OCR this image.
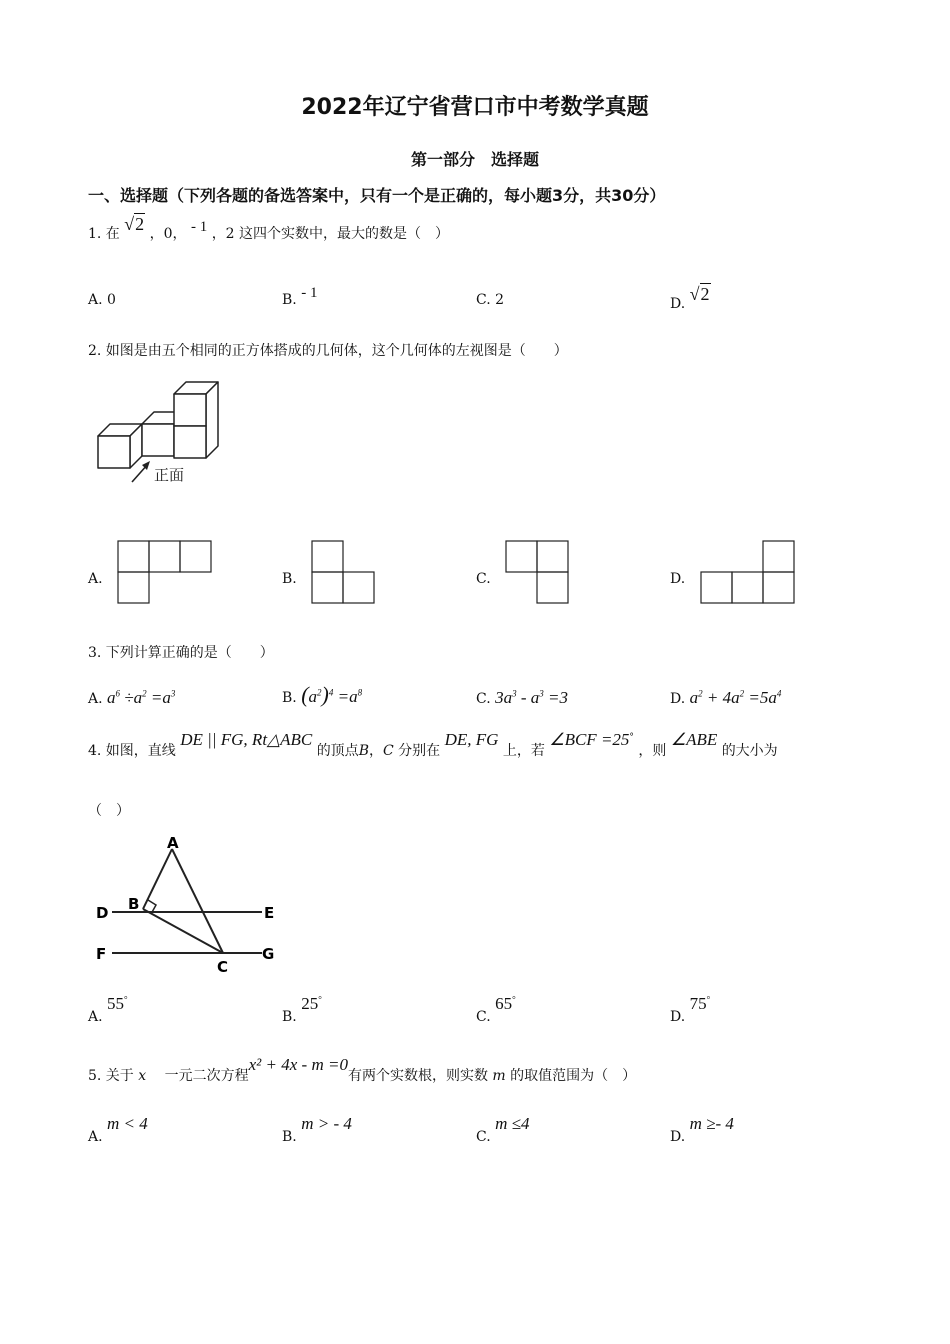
2022年辽宁省营口市中考数学真题
第一部分　选择题
一、选择题（下列各题的备选答案中，只有一个是正确的，每小题3分，共30分）
1. 在 √2 ，0， - 1 ，2 这四个实数中，最大的数是（　）
A. 0	B. - 1	C. 2	D. √2
2. 如图是由五个相同的正方体搭成的几何体，这个几何体的左视图是（　　）
正面
A.	B.	C.	D.
3. 下列计算正确的是（　　）
A. $a^6 \div a^2 =a^3$	B. $(a^2)^4 =a^8$	C. $3a^3 - a^3 =3$	D. $a^2 + 4a^2 =5a^4$
4. 如图，直线 DE || FG, Rt△ABC 的顶点B，C 分别在 DE, FG 上，若 ∠BCF =25° ，则 ∠ABE 的大小为
（　）
A
B
D	E
F
C
G
A. 55°
B. 25°
C. 65°
D. 75°
5. 关于 x 一元二次方程x² + 4x - m =0有两个实数根，则实数 m 的取值范围为（　）
A. m < 4
B. m > - 4
C. m ≤4
D. m ≥- 4
